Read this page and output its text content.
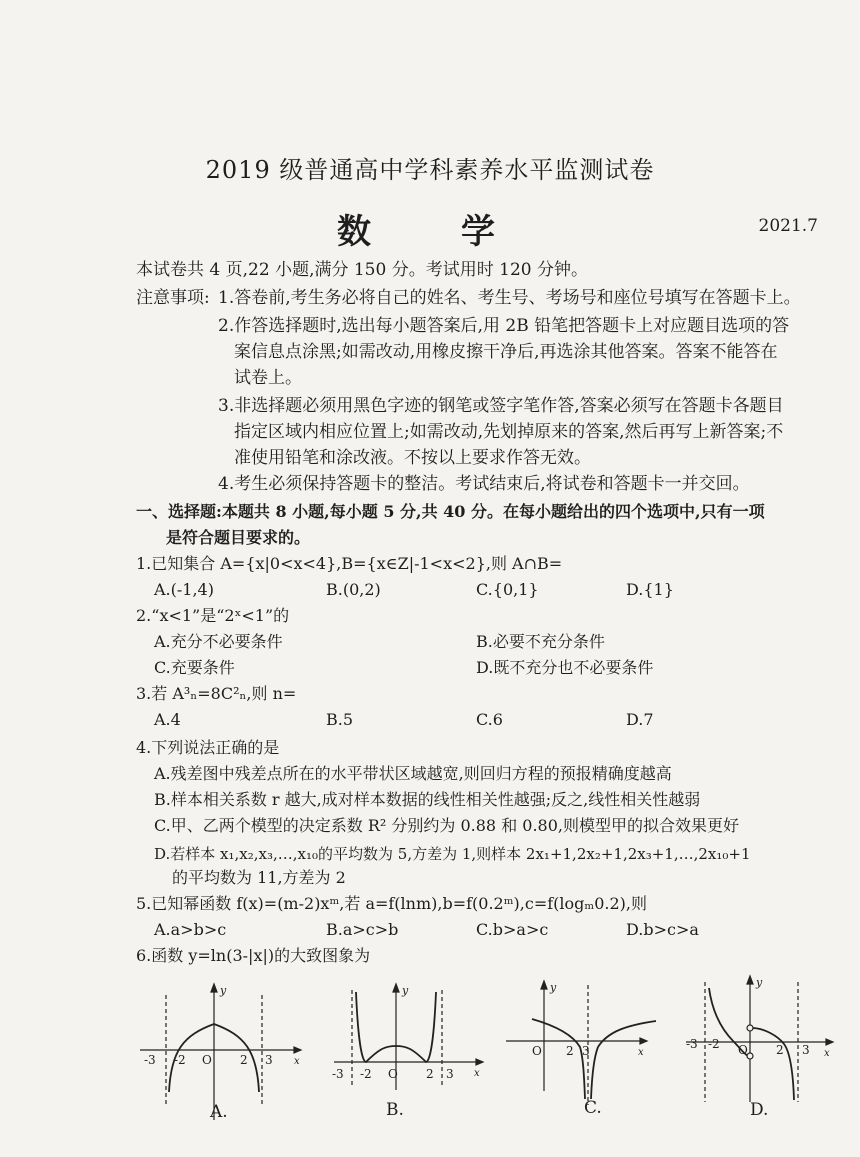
2019 级普通高中学科素养水平监测试卷
数　学	2021.7
本试卷共 4 页,22 小题,满分 150 分。考试用时 120 分钟。
注意事项: 1.答卷前,考生务必将自己的姓名、考生号、考场号和座位号填写在答题卡上。
2.作答选择题时,选出每小题答案后,用 2B 铅笔把答题卡上对应题目选项的答
案信息点涂黑;如需改动,用橡皮擦干净后,再选涂其他答案。答案不能答在
试卷上。
3.非选择题必须用黑色字迹的钢笔或签字笔作答,答案必须写在答题卡各题目
指定区域内相应位置上;如需改动,先划掉原来的答案,然后再写上新答案;不
准使用铅笔和涂改液。不按以上要求作答无效。
4.考生必须保持答题卡的整洁。考试结束后,将试卷和答题卡一并交回。
一、选择题:本题共 8 小题,每小题 5 分,共 40 分。在每小题给出的四个选项中,只有一项
是符合题目要求的。
1.已知集合 A={x|0<x<4},B={x∈Z|-1<x<2},则 A∩B=
A.(-1,4)	B.(0,2)	C.{0,1}	D.{1}
2.“x<1”是“2ˣ<1”的
A.充分不必要条件	B.必要不充分条件
C.充要条件	D.既不充分也不必要条件
3.若 A³ₙ=8C²ₙ,则 n=
A.4	B.5	C.6	D.7
4.下列说法正确的是
A.残差图中残差点所在的水平带状区域越宽,则回归方程的预报精确度越高
B.样本相关系数 r 越大,成对样本数据的线性相关性越强;反之,线性相关性越弱
C.甲、乙两个模型的决定系数 R² 分别约为 0.88 和 0.80,则模型甲的拟合效果更好
D.若样本 x₁,x₂,x₃,…,x₁₀的平均数为 5,方差为 1,则样本 2x₁+1,2x₂+1,2x₃+1,…,2x₁₀+1
的平均数为 11,方差为 2
5.已知幂函数 f(x)=(m-2)xᵐ,若 a=f(lnm),b=f(0.2ᵐ),c=f(logₘ0.2),则
A.a>b>c	B.a>c>b	C.b>a>c	D.b>c>a
6.函数 y=ln(3-|x|)的大致图象为
-3 -2 O 2 3 x
y
A.
-3 -2 O 2 3 x
y
B.
O 2 3	x
y
C.
-3 -2 O 2 3 x
y
D.
